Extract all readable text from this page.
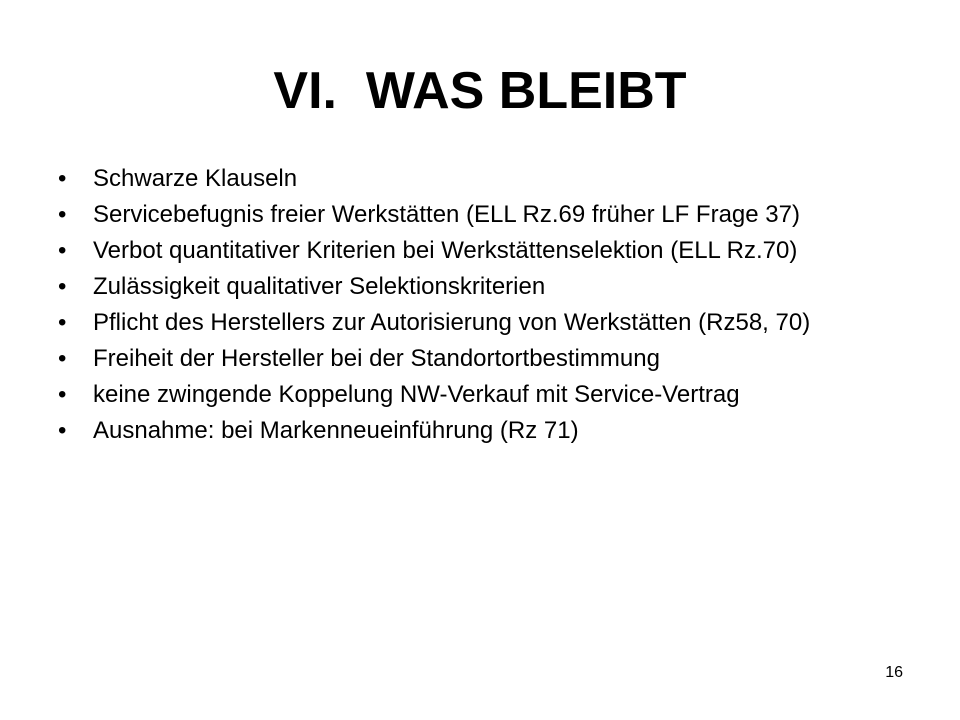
VI.  WAS BLEIBT
• Schwarze Klauseln
• Servicebefugnis freier Werkstätten (ELL Rz.69 früher LF Frage 37)
• Verbot quantitativer Kriterien bei Werkstättenselektion (ELL Rz.70)
• Zulässigkeit qualitativer Selektionskriterien
• Pflicht des Herstellers zur Autorisierung von Werkstätten (Rz58, 70)
• Freiheit der Hersteller bei der Standortortbestimmung
• keine zwingende Koppelung NW-Verkauf mit Service-Vertrag
• Ausnahme: bei Markenneueinführung (Rz 71)
16
